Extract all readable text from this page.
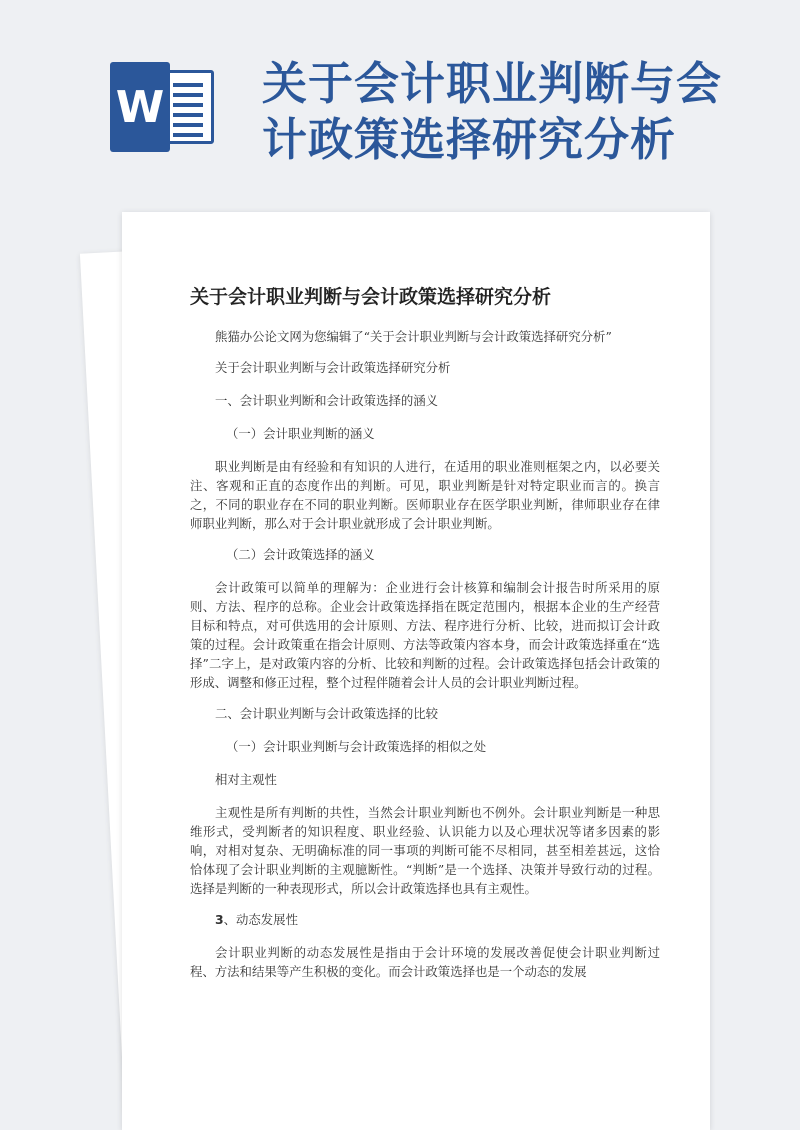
W 关于会计职业判断与会计政策选择研究分析
关于会计职业判断与会计政策选择研究分析
熊猫办公论文网为您编辑了“关于会计职业判断与会计政策选择研究分析”
关于会计职业判断与会计政策选择研究分析
一、会计职业判断和会计政策选择的涵义
（一）会计职业判断的涵义
职业判断是由有经验和有知识的人进行，在适用的职业准则框架之内，以必要关注、客观和正直的态度作出的判断。可见，职业判断是针对特定职业而言的。换言之，不同的职业存在不同的职业判断。医师职业存在医学职业判断，律师职业存在律师职业判断，那么对于会计职业就形成了会计职业判断。
（二）会计政策选择的涵义
会计政策可以简单的理解为：企业进行会计核算和编制会计报告时所采用的原则、方法、程序的总称。企业会计政策选择指在既定范围内，根据本企业的生产经营目标和特点，对可供选用的会计原则、方法、程序进行分析、比较，进而拟订会计政策的过程。会计政策重在指会计原则、方法等政策内容本身，而会计政策选择重在“选择”二字上，是对政策内容的分析、比较和判断的过程。会计政策选择包括会计政策的形成、调整和修正过程，整个过程伴随着会计人员的会计职业判断过程。
二、会计职业判断与会计政策选择的比较
（一）会计职业判断与会计政策选择的相似之处
相对主观性
主观性是所有判断的共性，当然会计职业判断也不例外。会计职业判断是一种思维形式，受判断者的知识程度、职业经验、认识能力以及心理状况等诸多因素的影响，对相对复杂、无明确标准的同一事项的判断可能不尽相同，甚至相差甚远，这恰恰体现了会计职业判断的主观臆断性。“判断”是一个选择、决策并导致行动的过程。选择是判断的一种表现形式，所以会计政策选择也具有主观性。
3、动态发展性
会计职业判断的动态发展性是指由于会计环境的发展改善促使会计职业判断过程、方法和结果等产生积极的变化。而会计政策选择也是一个动态的发展
